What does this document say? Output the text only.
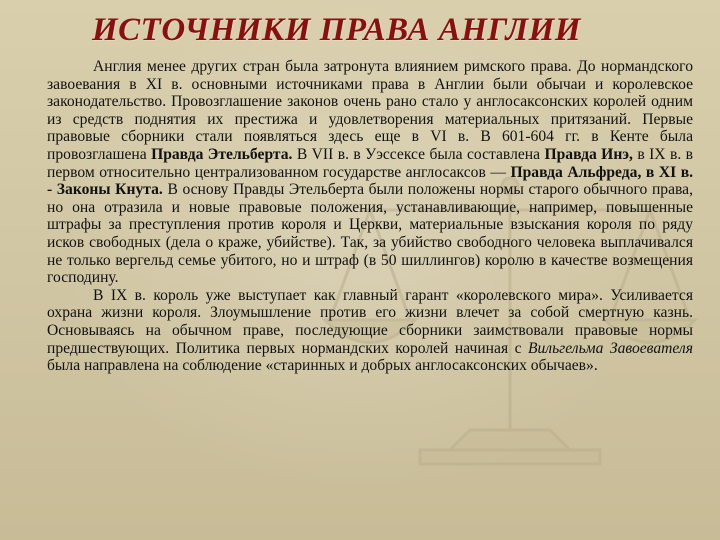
ИСТОЧНИКИ ПРАВА АНГЛИИ

Англия менее других стран была затронута влиянием римского права. До нормандского завоевания в XI в. основными источниками права в Англии были обычаи и королевское законодательство. Провозглашение законов очень рано стало у англосаксонских королей одним из средств поднятия их престижа и удовлетворения материальных притязаний. Первые правовые сборники стали появляться здесь еще в VI в. В 601-604 гг. в Кенте была провозглашена Правда Этельберта. В VII в. в Уэссексе была составлена Правда Инэ, в IX в. в первом относительно централизованном государстве англосаксов — Правда Альфреда, в XI в. - Законы Кнута. В основу Правды Этельберта были положены нормы старого обычного права, но она отразила и новые правовые положения, устанавливающие, например, повышенные штрафы за преступления против короля и Церкви, материальные взыскания короля по ряду исков свободных (дела о краже, убийстве). Так, за убийство свободного человека выплачивался не только вергельд семье убитого, но и штраф (в 50 шиллингов) королю в качестве возмещения господину.

В IX в. король уже выступает как главный гарант «королевского мира». Усиливается охрана жизни короля. Злоумышление против его жизни влечет за собой смертную казнь. Основываясь на обычном праве, последующие сборники заимствовали правовые нормы предшествующих. Политика первых нормандских королей начиная с Вильгельма Завоевателя была направлена на соблюдение «старинных и добрых англосаксонских обычаев».
